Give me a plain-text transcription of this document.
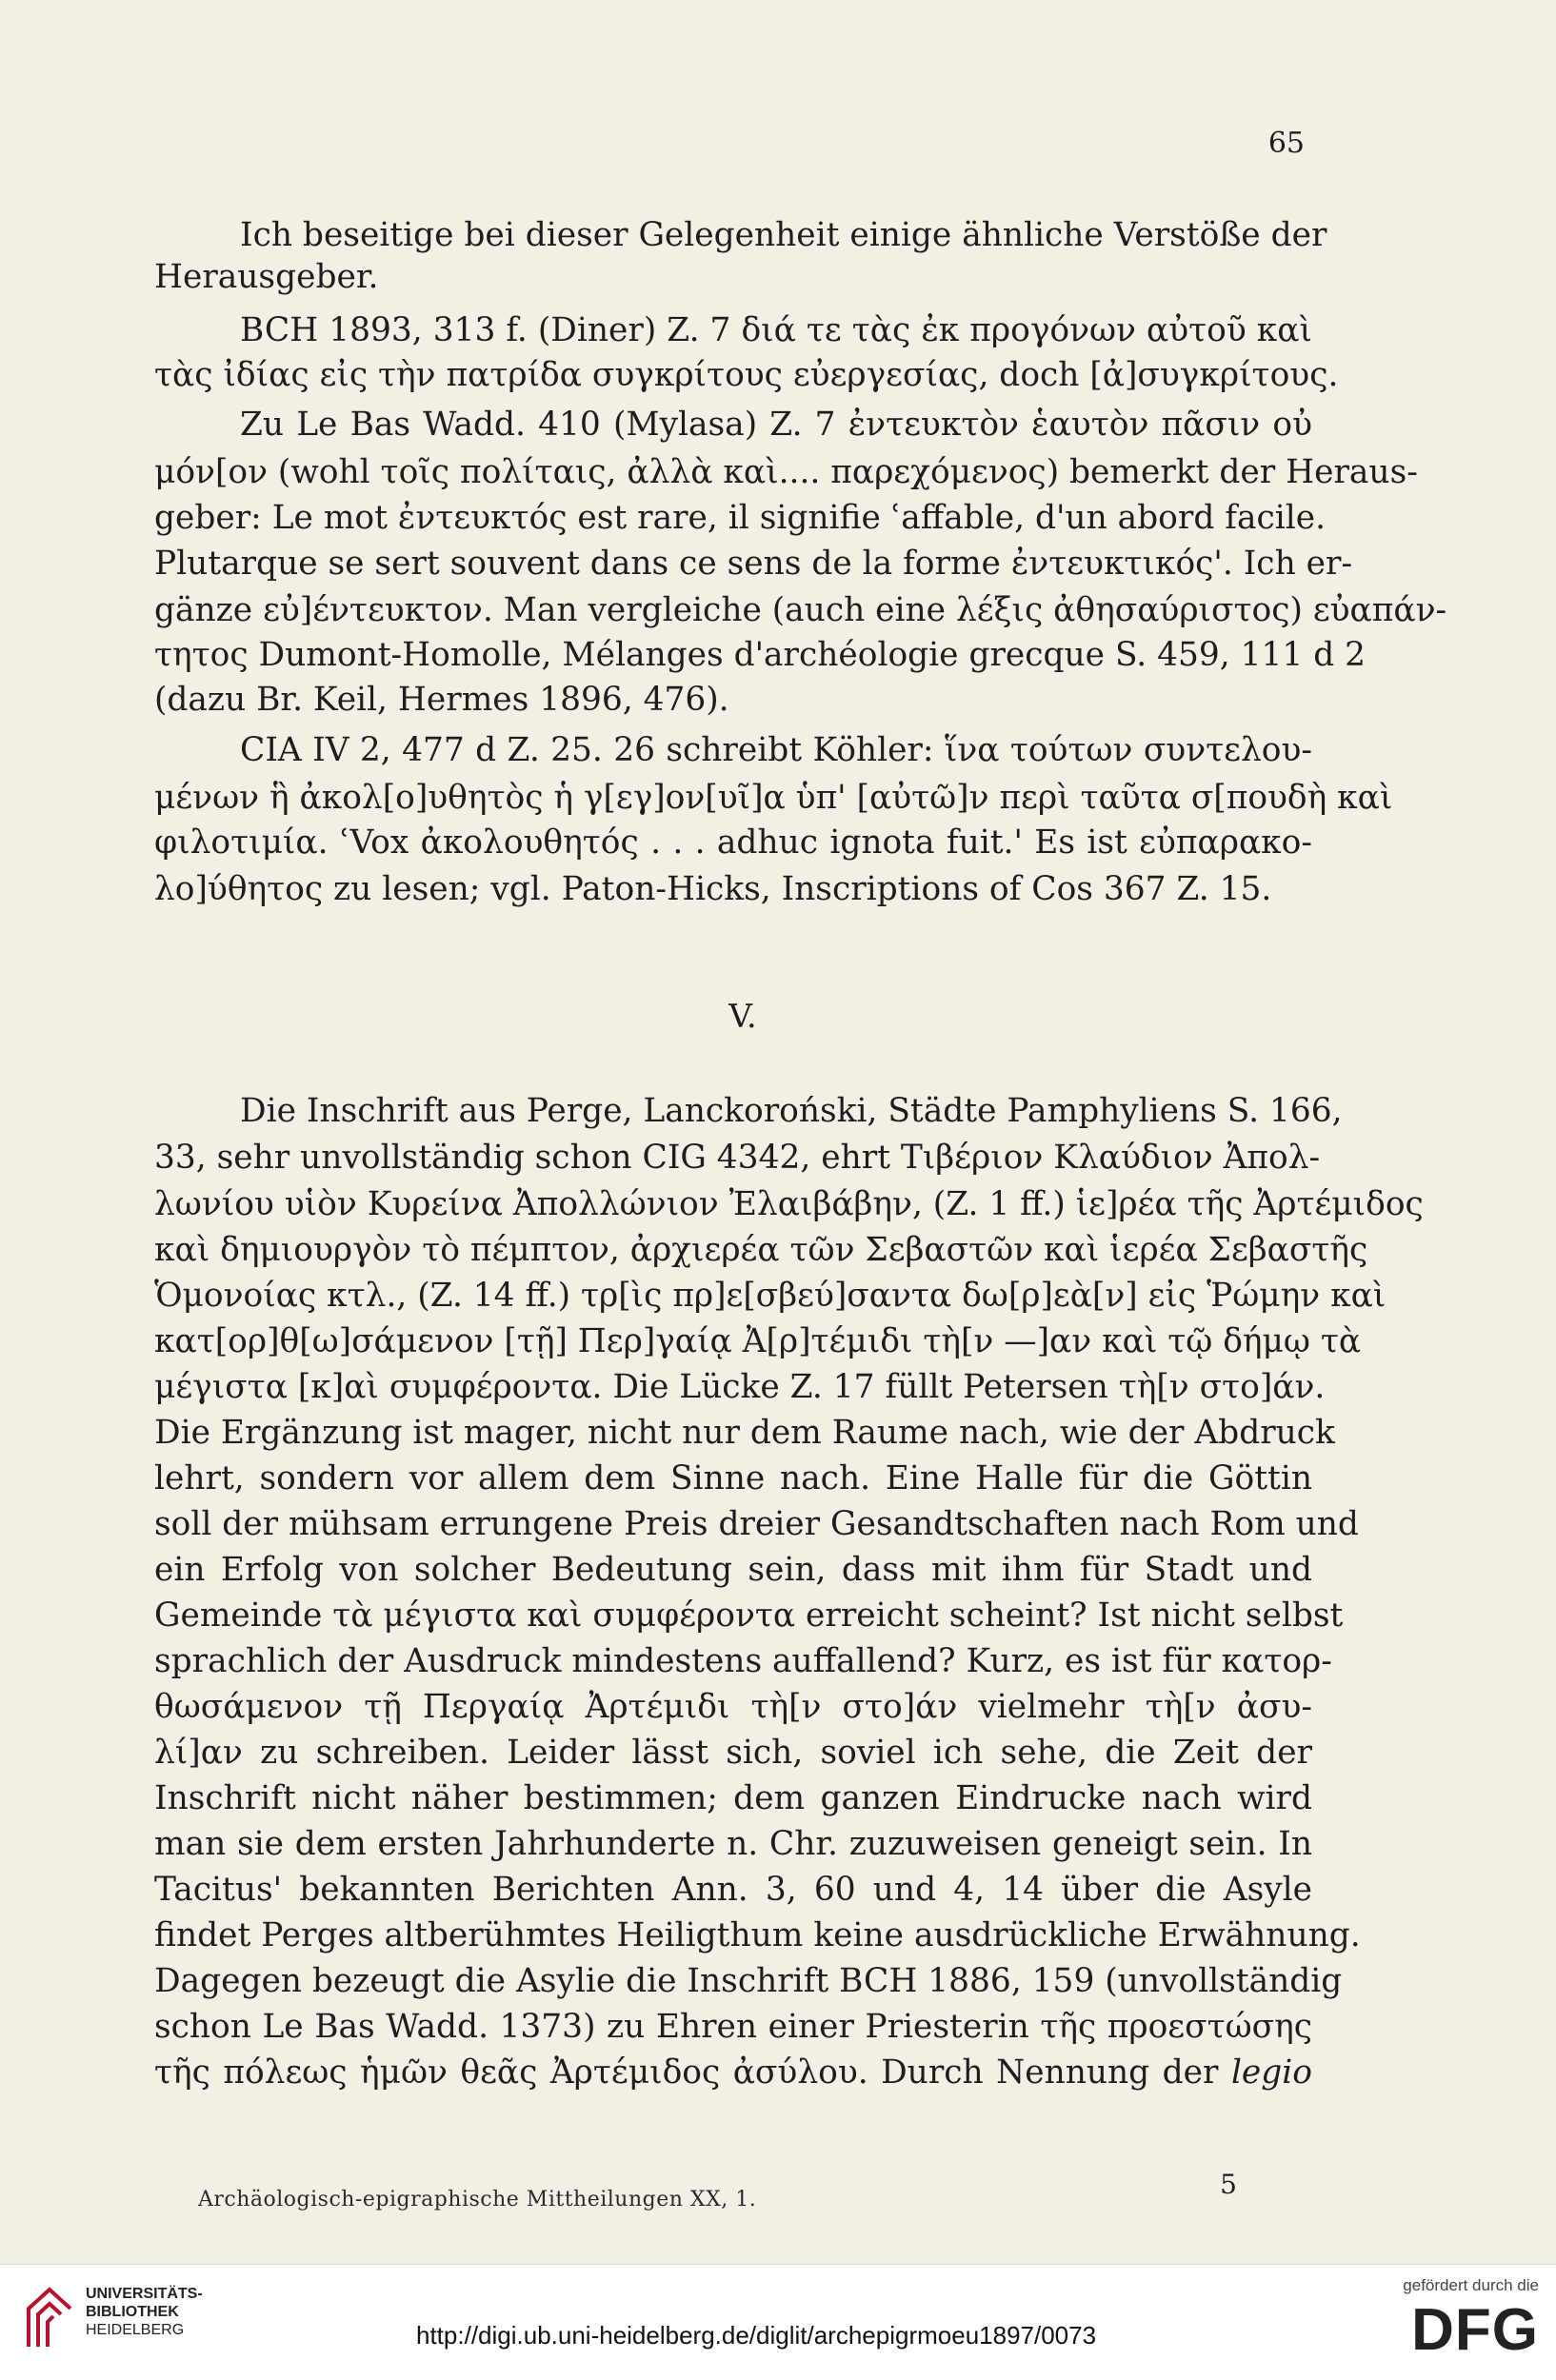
65
Ich beseitige bei dieser Gelegenheit einige ähnliche Verstöße der
Herausgeber.
BCH 1893, 313 f. (Diner) Z. 7 διά τε τὰς ἐκ προγόνων αὐτοῦ καὶ
τὰς ἰδίας εἰς τὴν πατρίδα συγκρίτους εὐεργεσίας, doch [ἀ]συγκρίτους.
Zu Le Bas Wadd. 410 (Mylasa) Z. 7 ἐντευκτὸν ἑαυτὸν πᾶσιν οὐ
μόν[ον (wohl τοῖς πολίταις, ἀλλὰ καὶ.... παρεχόμενος) bemerkt der Heraus-
geber: Le mot ἐντευκτός est rare, il signifie ʿaffable, d'un abord facile.
Plutarque se sert souvent dans ce sens de la forme ἐντευκτικός'. Ich er-
gänze εὐ]έντευκτον. Man vergleiche (auch eine λέξις ἀθησαύριστος) εὐαπάν-
τητος Dumont-Homolle, Mélanges d'archéologie grecque S. 459, 111 d 2
(dazu Br. Keil, Hermes 1896, 476).
CIA IV 2, 477 d Z. 25. 26 schreibt Köhler: ἵνα τούτων συντελου-
μένων ἣ ἀκολ[ο]υθητὸς ἡ γ[εγ]ον[υῖ]α ὑπ' [αὐτῶ]ν περὶ ταῦτα σ[πουδὴ καὶ
φιλοτιμία. ʿVox ἀκολουθητός . . . adhuc ignota fuit.' Es ist εὐπαρακο-
λο]ύθητος zu lesen; vgl. Paton-Hicks, Inscriptions of Cos 367 Z. 15.
V.
Die Inschrift aus Perge, Lanckoroński, Städte Pamphyliens S. 166,
33, sehr unvollständig schon CIG 4342, ehrt Τιβέριον Κλαύδιον Ἀπολ-
λωνίου υἱὸν Κυρείνα Ἀπολλώνιον Ἐλαιβάβην, (Z. 1 ff.) ἱε]ρέα τῆς Ἀρτέμιδος
καὶ δημιουργὸν τὸ πέμπτον, ἀρχιερέα τῶν Σεβαστῶν καὶ ἱερέα Σεβαστῆς
Ὁμονοίας κτλ., (Z. 14 ff.) τρ[ὶς πρ]ε[σβεύ]σαντα δω[ρ]εὰ[ν] εἰς Ῥώμην καὶ
κατ[ορ]θ[ω]σάμενον [τῇ] Περ]γαίᾳ Ἀ[ρ]τέμιδι τὴ[ν —]αν καὶ τῷ δήμῳ τὰ
μέγιστα [κ]αὶ συμφέροντα. Die Lücke Z. 17 füllt Petersen τὴ[ν στο]άν.
Die Ergänzung ist mager, nicht nur dem Raume nach, wie der Abdruck
lehrt, sondern vor allem dem Sinne nach. Eine Halle für die Göttin
soll der mühsam errungene Preis dreier Gesandtschaften nach Rom und
ein Erfolg von solcher Bedeutung sein, dass mit ihm für Stadt und
Gemeinde τὰ μέγιστα καὶ συμφέροντα erreicht scheint? Ist nicht selbst
sprachlich der Ausdruck mindestens auffallend? Kurz, es ist für κατορ-
θωσάμενον τῇ Περγαίᾳ Ἀρτέμιδι τὴ[ν στο]άν vielmehr τὴ[ν ἀσυ-
λί]αν zu schreiben. Leider lässt sich, soviel ich sehe, die Zeit der
Inschrift nicht näher bestimmen; dem ganzen Eindrucke nach wird
man sie dem ersten Jahrhunderte n. Chr. zuzuweisen geneigt sein. In
Tacitus' bekannten Berichten Ann. 3, 60 und 4, 14 über die Asyle
findet Perges altberühmtes Heiligthum keine ausdrückliche Erwähnung.
Dagegen bezeugt die Asylie die Inschrift BCH 1886, 159 (unvollständig
schon Le Bas Wadd. 1373) zu Ehren einer Priesterin τῆς προεστώσης
τῆς πόλεως ἡμῶν θεᾶς Ἀρτέμιδος ἀσύλου. Durch Nennung der legio
Archäologisch-epigraphische Mittheilungen XX, 1.	5
UNIVERSITÄTS-
BIBLIOTHEK
HEIDELBERG	http://digi.ub.uni-heidelberg.de/diglit/archepigrmoeu1897/0073
gefördert durch die
DFG
